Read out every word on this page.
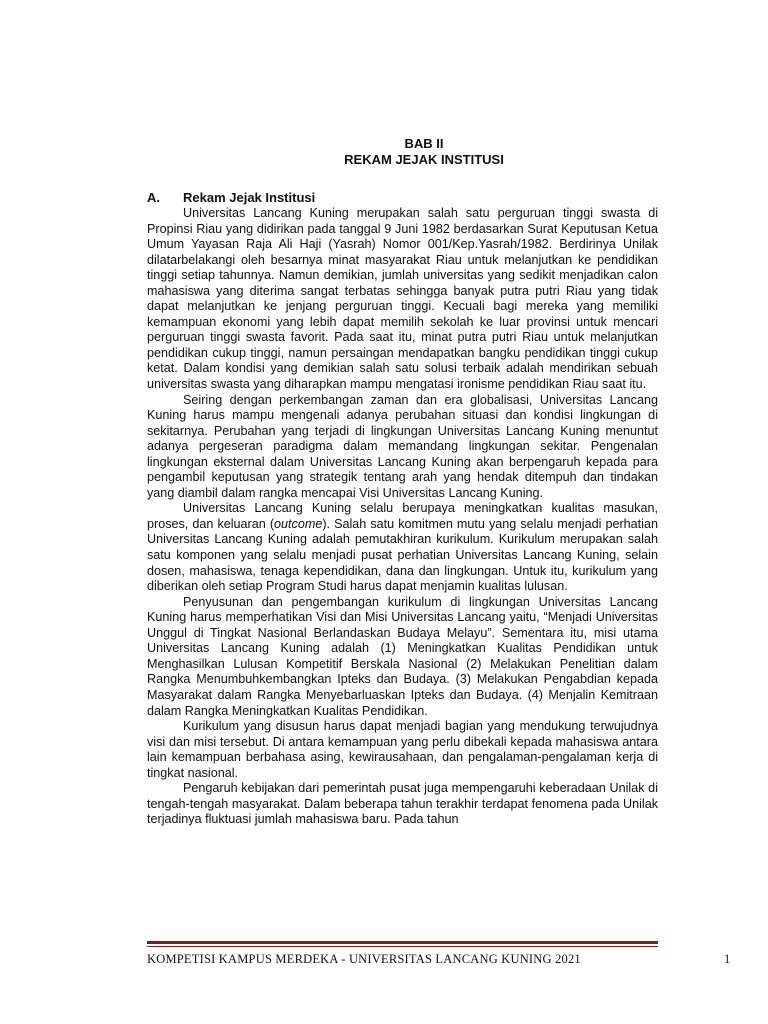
BAB II
REKAM JEJAK INSTITUSI
A. Rekam Jejak Institusi

Universitas Lancang Kuning merupakan salah satu perguruan tinggi swasta di Propinsi Riau yang didirikan pada tanggal 9 Juni 1982 berdasarkan Surat Keputusan Ketua Umum Yayasan Raja Ali Haji (Yasrah) Nomor 001/Kep.Yasrah/1982. Berdirinya Unilak dilatarbelakangi oleh besarnya minat masyarakat Riau untuk melanjutkan ke pendidikan tinggi setiap tahunnya. Namun demikian, jumlah universitas yang sedikit menjadikan calon mahasiswa yang diterima sangat terbatas sehingga banyak putra putri Riau yang tidak dapat melanjutkan ke jenjang perguruan tinggi. Kecuali bagi mereka yang memiliki kemampuan ekonomi yang lebih dapat memilih sekolah ke luar provinsi untuk mencari perguruan tinggi swasta favorit. Pada saat itu, minat putra putri Riau untuk melanjutkan pendidikan cukup tinggi, namun persaingan mendapatkan bangku pendidikan tinggi cukup ketat. Dalam kondisi yang demikian salah satu solusi terbaik adalah mendirikan sebuah universitas swasta yang diharapkan mampu mengatasi ironisme pendidikan Riau saat itu.

Seiring dengan perkembangan zaman dan era globalisasi, Universitas Lancang Kuning harus mampu mengenali adanya perubahan situasi dan kondisi lingkungan di sekitarnya. Perubahan yang terjadi di lingkungan Universitas Lancang Kuning menuntut adanya pergeseran paradigma dalam memandang lingkungan sekitar. Pengenalan lingkungan eksternal dalam Universitas Lancang Kuning akan berpengaruh kepada para pengambil keputusan yang strategik tentang arah yang hendak ditempuh dan tindakan yang diambil dalam rangka mencapai Visi Universitas Lancang Kuning.

Universitas Lancang Kuning selalu berupaya meningkatkan kualitas masukan, proses, dan keluaran (outcome). Salah satu komitmen mutu yang selalu menjadi perhatian Universitas Lancang Kuning adalah pemutakhiran kurikulum. Kurikulum merupakan salah satu komponen yang selalu menjadi pusat perhatian Universitas Lancang Kuning, selain dosen, mahasiswa, tenaga kependidikan, dana dan lingkungan. Untuk itu, kurikulum yang diberikan oleh setiap Program Studi harus dapat menjamin kualitas lulusan.

Penyusunan dan pengembangan kurikulum di lingkungan Universitas Lancang Kuning harus memperhatikan Visi dan Misi Universitas Lancang yaitu, “Menjadi Universitas Unggul di Tingkat Nasional Berlandaskan Budaya Melayu”. Sementara itu, misi utama Universitas Lancang Kuning adalah (1) Meningkatkan Kualitas Pendidikan untuk Menghasilkan Lulusan Kompetitif Berskala Nasional (2) Melakukan Penelitian dalam Rangka Menumbuhkembangkan Ipteks dan Budaya. (3) Melakukan Pengabdian kepada Masyarakat dalam Rangka Menyebarluaskan Ipteks dan Budaya. (4) Menjalin Kemitraan dalam Rangka Meningkatkan Kualitas Pendidikan.

Kurikulum yang disusun harus dapat menjadi bagian yang mendukung terwujudnya visi dan misi tersebut. Di antara kemampuan yang perlu dibekali kepada mahasiswa antara lain kemampuan berbahasa asing, kewirausahaan, dan pengalaman-pengalaman kerja di tingkat nasional.

Pengaruh kebijakan dari pemerintah pusat juga mempengaruhi keberadaan Unilak di tengah-tengah masyarakat. Dalam beberapa tahun terakhir terdapat fenomena pada Unilak terjadinya fluktuasi jumlah mahasiswa baru. Pada tahun

KOMPETISI KAMPUS MERDEKA - UNIVERSITAS LANCANG KUNING 2021	1
